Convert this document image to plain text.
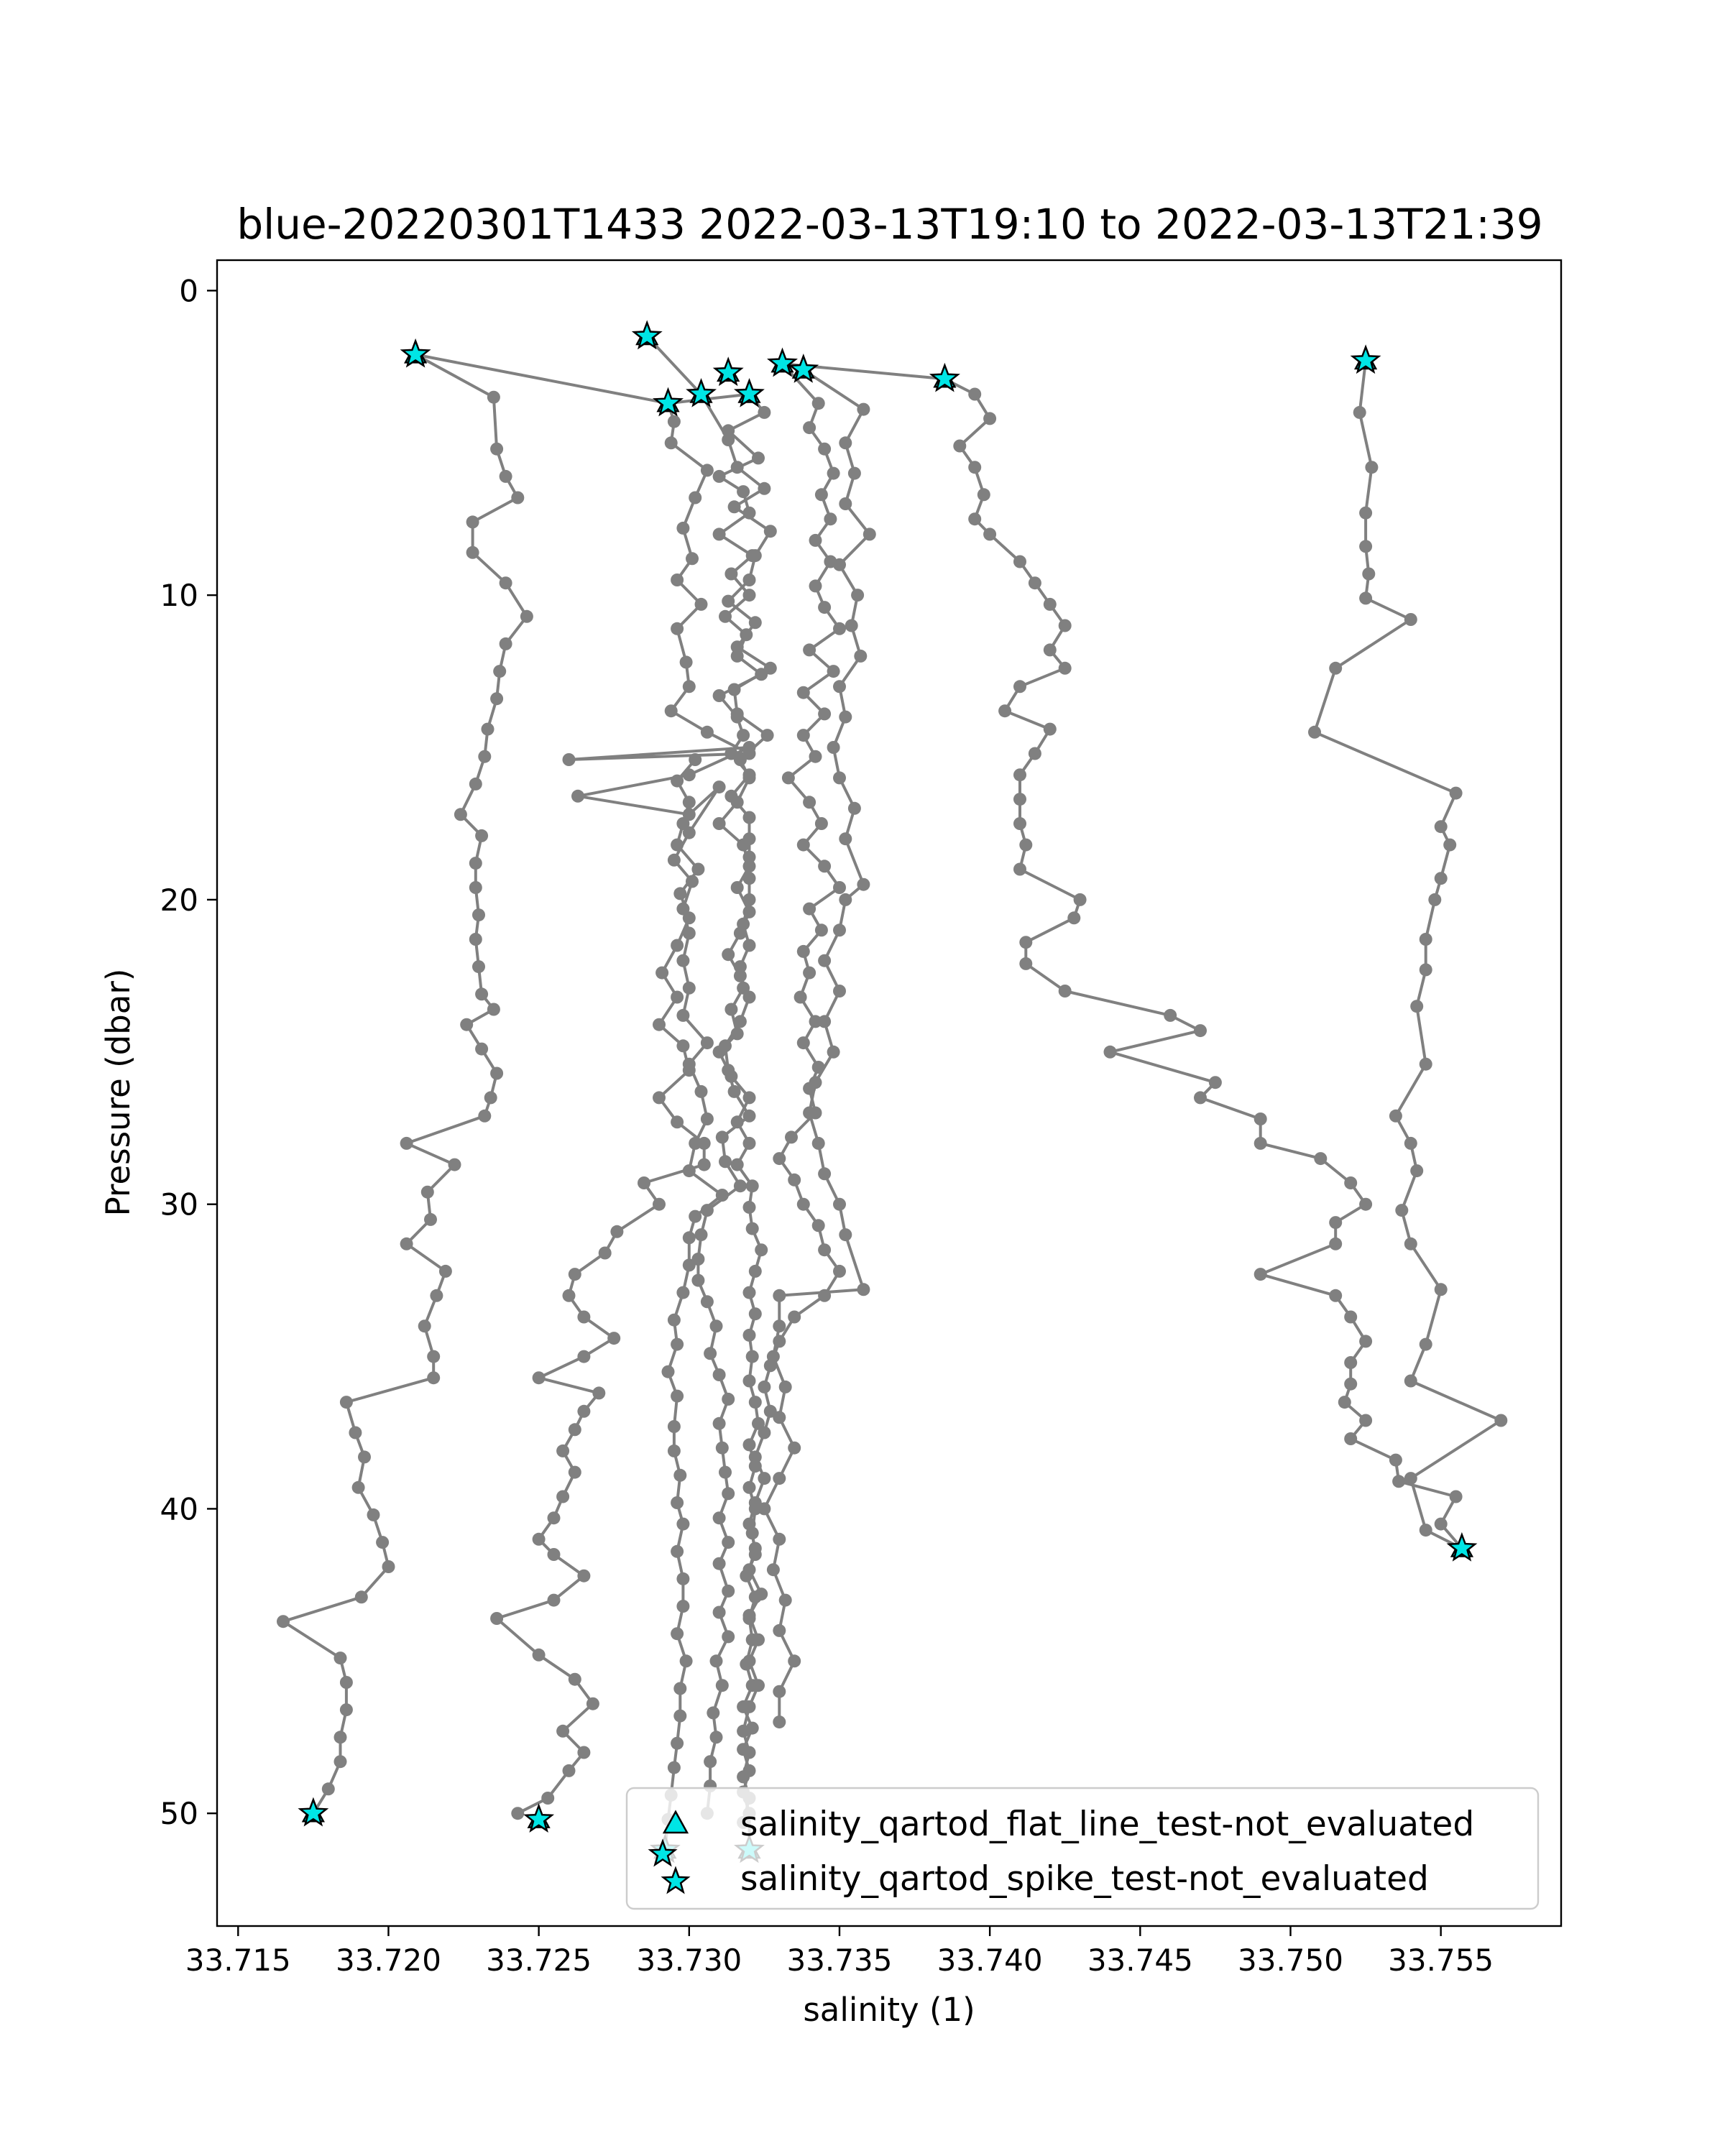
blue-20220301T1433 2022-03-13T19:10 to 2022-03-13T21:39
33.715 33.720 33.725 33.730 33.735 33.740 33.745 33.750 33.755
0
10
20
30
40
50
salinity (1)
Pressure (dbar)
salinity_qartod_flat_line_test-not_evaluated
salinity_qartod_spike_test-not_evaluated
